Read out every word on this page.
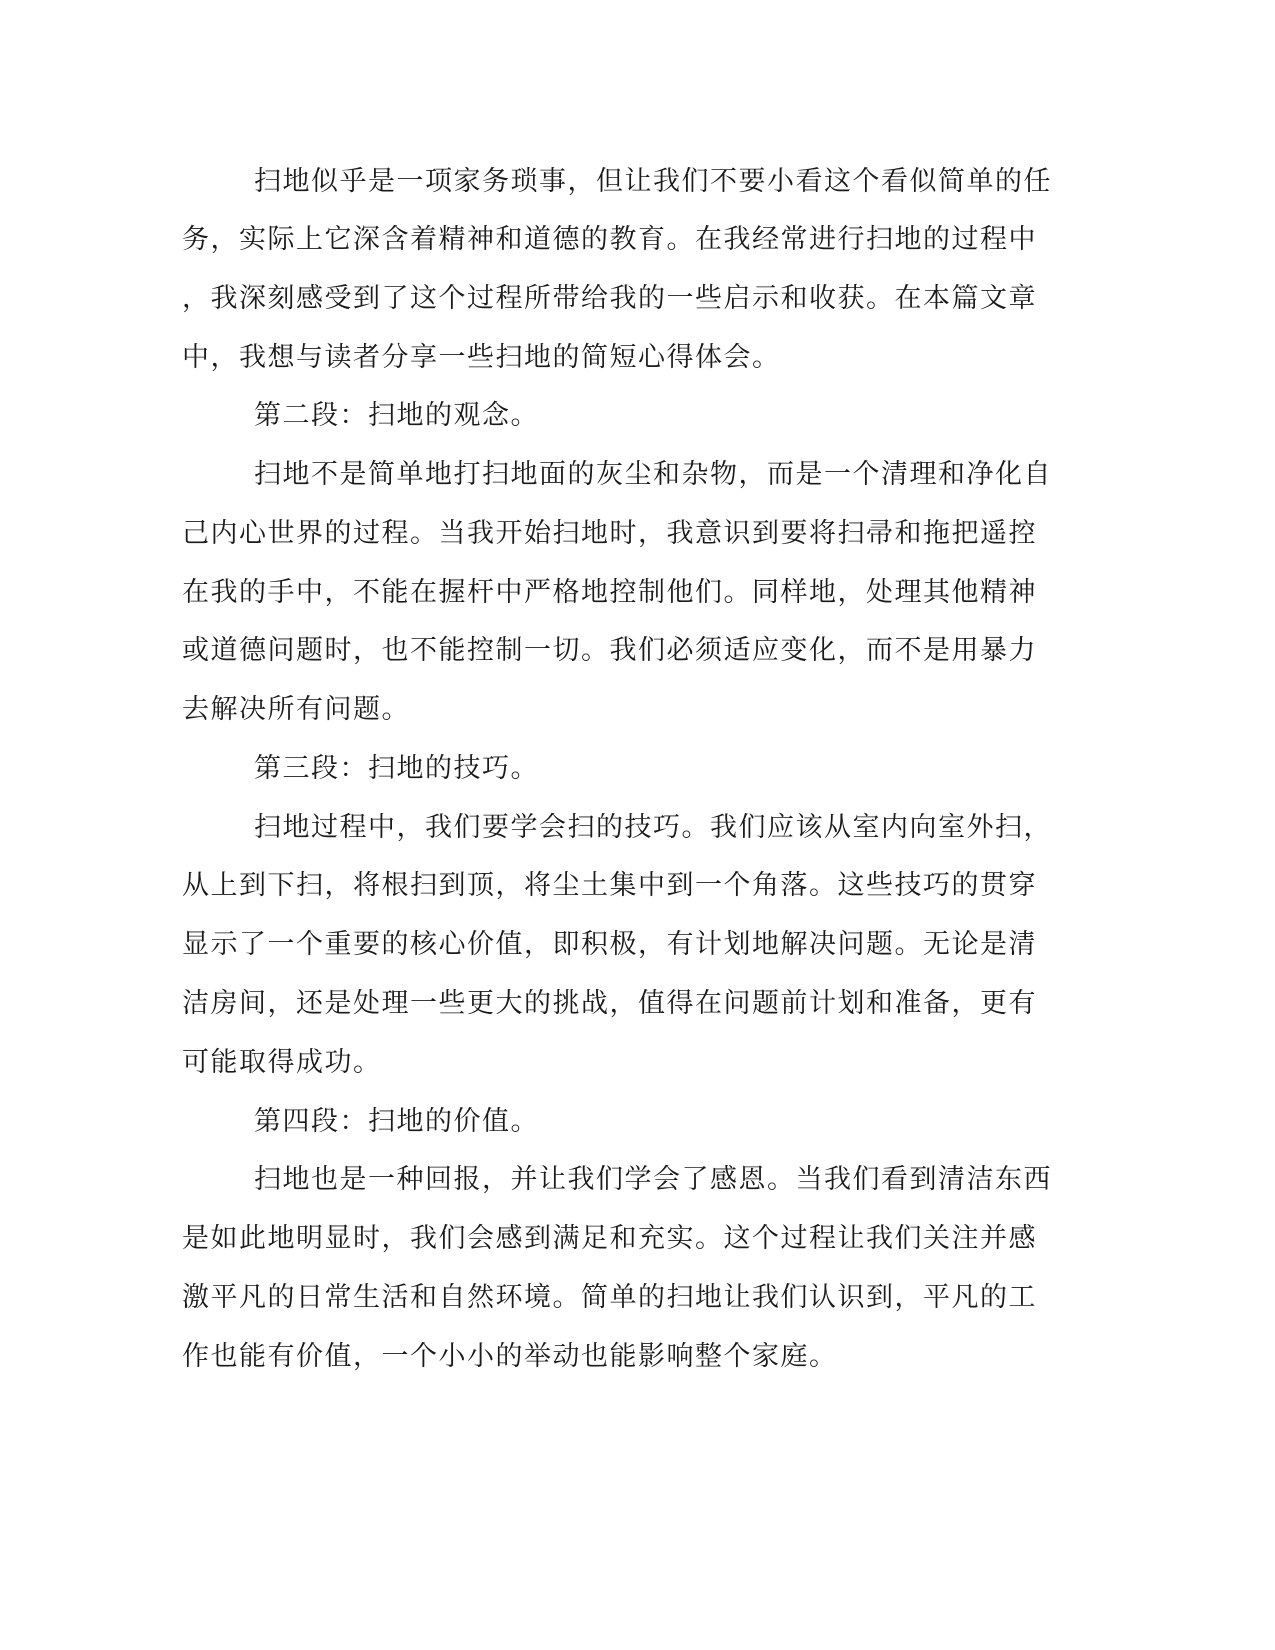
扫地似乎是一项家务琐事，但让我们不要小看这个看似简单的任
务，实际上它深含着精神和道德的教育。在我经常进行扫地的过程中
，我深刻感受到了这个过程所带给我的一些启示和收获。在本篇文章
中，我想与读者分享一些扫地的简短心得体会。
第二段：扫地的观念。
扫地不是简单地打扫地面的灰尘和杂物，而是一个清理和净化自
己内心世界的过程。当我开始扫地时，我意识到要将扫帚和拖把遥控
在我的手中，不能在握杆中严格地控制他们。同样地，处理其他精神
或道德问题时，也不能控制一切。我们必须适应变化，而不是用暴力
去解决所有问题。
第三段：扫地的技巧。
扫地过程中，我们要学会扫的技巧。我们应该从室内向室外扫，
从上到下扫，将根扫到顶，将尘土集中到一个角落。这些技巧的贯穿
显示了一个重要的核心价值，即积极，有计划地解决问题。无论是清
洁房间，还是处理一些更大的挑战，值得在问题前计划和准备，更有
可能取得成功。
第四段：扫地的价值。
扫地也是一种回报，并让我们学会了感恩。当我们看到清洁东西
是如此地明显时，我们会感到满足和充实。这个过程让我们关注并感
激平凡的日常生活和自然环境。简单的扫地让我们认识到，平凡的工
作也能有价值，一个小小的举动也能影响整个家庭。
